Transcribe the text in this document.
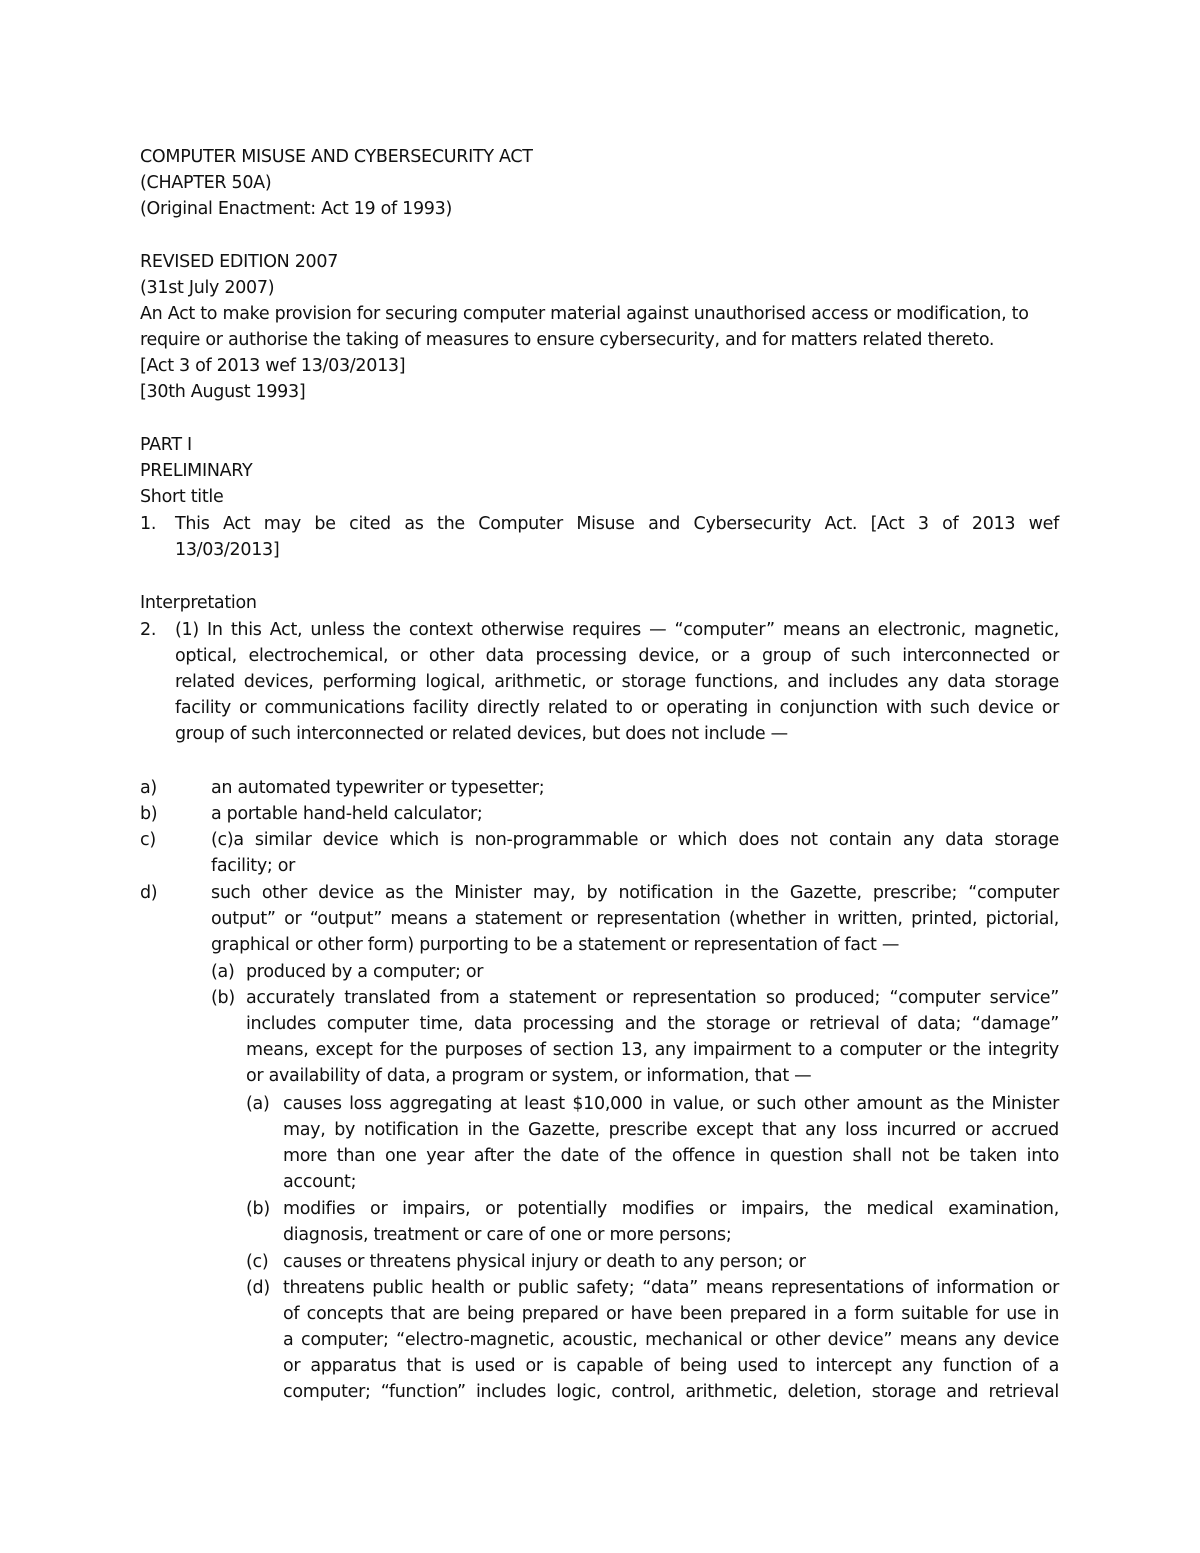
COMPUTER MISUSE AND CYBERSECURITY ACT
(CHAPTER 50A)
(Original Enactment: Act 19 of 1993)
REVISED EDITION 2007
(31st July 2007)
An Act to make provision for securing computer material against unauthorised access or modification, to
require or authorise the taking of measures to ensure cybersecurity, and for matters related thereto.
[Act 3 of 2013 wef 13/03/2013]
[30th August 1993]
PART I
PRELIMINARY
Short title
1. This Act may be cited as the Computer Misuse and Cybersecurity Act. [Act 3 of 2013 wef
13/03/2013]
Interpretation
2. (1) In this Act, unless the context otherwise requires — “computer” means an electronic, magnetic,
optical, electrochemical, or other data processing device, or a group of such interconnected or
related devices, performing logical, arithmetic, or storage functions, and includes any data storage
facility or communications facility directly related to or operating in conjunction with such device or
group of such interconnected or related devices, but does not include —
a)	an automated typewriter or typesetter;
b)	a portable hand-held calculator;
c)	(c)a similar device which is non-programmable or which does not contain any data storage
facility; or
d)	such other device as the Minister may, by notification in the Gazette, prescribe; “computer
output” or “output” means a statement or representation (whether in written, printed, pictorial,
graphical or other form) purporting to be a statement or representation of fact —
(a) produced by a computer; or
(b) accurately translated from a statement or representation so produced; “computer service”
includes computer time, data processing and the storage or retrieval of data; “damage”
means, except for the purposes of section 13, any impairment to a computer or the integrity
or availability of data, a program or system, or information, that —
(a) causes loss aggregating at least $10,000 in value, or such other amount as the Minister
may, by notification in the Gazette, prescribe except that any loss incurred or accrued
more than one year after the date of the offence in question shall not be taken into
account;
(b) modifies or impairs, or potentially modifies or impairs, the medical examination,
diagnosis, treatment or care of one or more persons;
(c) causes or threatens physical injury or death to any person; or
(d) threatens public health or public safety; “data” means representations of information or
of concepts that are being prepared or have been prepared in a form suitable for use in
a computer; “electro-magnetic, acoustic, mechanical or other device” means any device
or apparatus that is used or is capable of being used to intercept any function of a
computer; “function” includes logic, control, arithmetic, deletion, storage and retrieval
